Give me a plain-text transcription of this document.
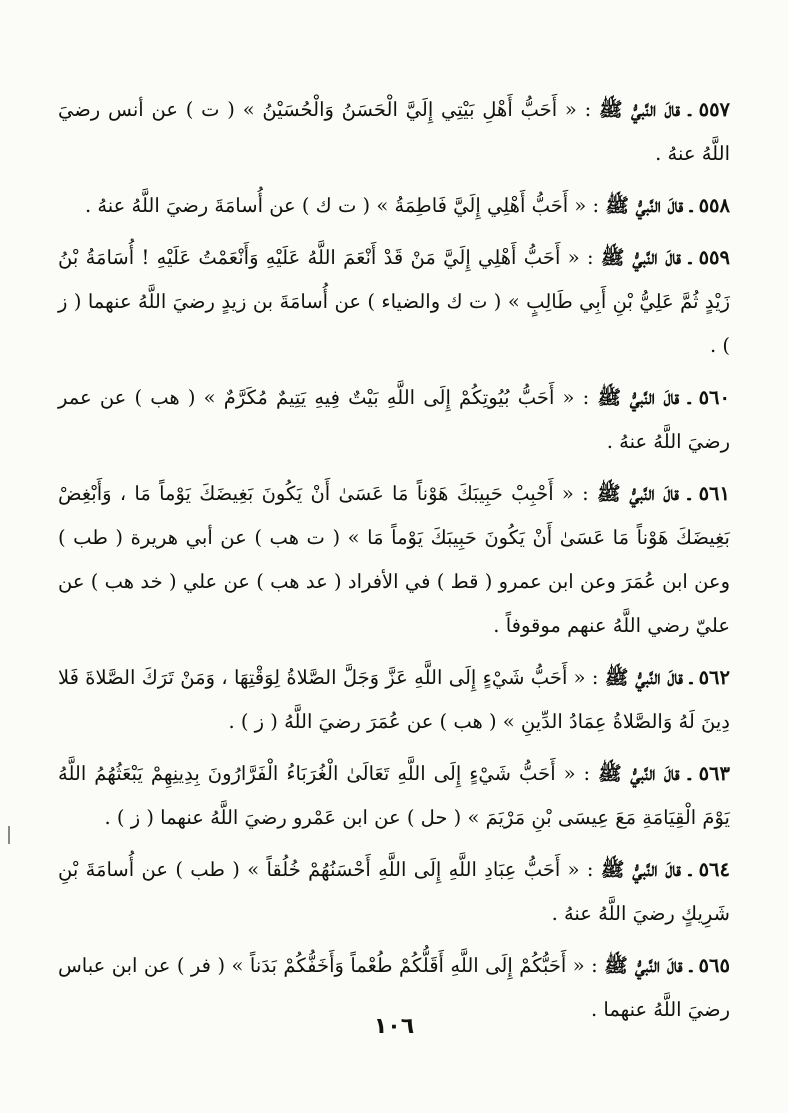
٥٥٧ ـ قالَ النَّبيُّ ﷺ : « أَحَبُّ أَهْلِ بَيْتِي إِلَيَّ الْحَسَنُ وَالْحُسَيْنُ » ( ت ) عن أنس رضيَ اللَّهُ عنهُ .

٥٥٨ ـ قالَ النَّبيُّ ﷺ : « أَحَبُّ أَهْلِي إِلَيَّ فَاطِمَةُ » ( ت ك ) عن أُسامَةَ رضيَ اللَّهُ عنهُ .

٥٥٩ ـ قالَ النَّبيُّ ﷺ : « أَحَبُّ أَهْلِي إِلَيَّ مَنْ قَدْ أَنْعَمَ اللَّهُ عَلَيْهِ وَأَنْعَمْتُ عَلَيْهِ ! أُسَامَةُ بْنُ زَيْدٍ ثُمَّ عَلِيُّ بْنِ أَبِي طَالِبٍ » ( ت ك والضياء ) عن أُسامَةَ بن زيدٍ رضيَ اللَّهُ عنهما ( ز ) .

٥٦٠ ـ قالَ النَّبيُّ ﷺ : « أَحَبُّ بُيُوتِكُمْ إِلَى اللَّهِ بَيْتٌ فِيهِ يَتِيمٌ مُكَرَّمٌ » ( هب ) عن عمر رضيَ اللَّهُ عنهُ .

٥٦١ ـ قالَ النَّبيُّ ﷺ : « أَحْبِبْ حَبِيبَكَ هَوْناً مَا عَسَىٰ أَنْ يَكُونَ بَغِيضَكَ يَوْماً مَا ، وَأَبْغِضْ بَغِيضَكَ هَوْناً مَا عَسَىٰ أَنْ يَكُونَ حَبِيبَكَ يَوْماً مَا » ( ت هب ) عن أبي هريرة ( طب ) وعن ابن عُمَرَ وعن ابن عمرو ( قط ) في الأفراد ( عد هب ) عن علي ( خد هب ) عن عليّ رضي اللَّهُ عنهم موقوفاً .

٥٦٢ ـ قالَ النَّبيُّ ﷺ : « أَحَبُّ شَيْءٍ إِلَى اللَّهِ عَزَّ وَجَلَّ الصَّلاةُ لِوَقْتِهَا ، وَمَنْ تَرَكَ الصَّلاةَ فَلا دِينَ لَهُ وَالصَّلاةُ عِمَادُ الدِّينِ » ( هب ) عن عُمَرَ رضيَ اللَّهُ ( ز ) .

٥٦٣ ـ قالَ النَّبيُّ ﷺ : « أَحَبُّ شَيْءٍ إِلَى اللَّهِ تَعَالَىٰ الْغُرَبَاءُ الْفَرَّارُونَ بِدِينِهِمْ يَبْعَثُهُمُ اللَّهُ يَوْمَ الْقِيَامَةِ مَعَ عِيسَى بْنِ مَرْيَمَ » ( حل ) عن ابن عَمْرو رضيَ اللَّهُ عنهما ( ز ) .

٥٦٤ ـ قالَ النَّبيُّ ﷺ : « أَحَبُّ عِبَادِ اللَّهِ إِلَى اللَّهِ أَحْسَنُهُمْ خُلُقاً » ( طب ) عن أُسامَةَ بْنِ شَرِيكٍ رضيَ اللَّهُ عنهُ .

٥٦٥ ـ قالَ النَّبيُّ ﷺ : « أَحَبُّكُمْ إِلَى اللَّهِ أَقَلُّكُمْ طُعْماً وَأَخَفُّكُمْ بَدَناً » ( فر ) عن ابن عباس رضيَ اللَّهُ عنهما .

١٠٦
